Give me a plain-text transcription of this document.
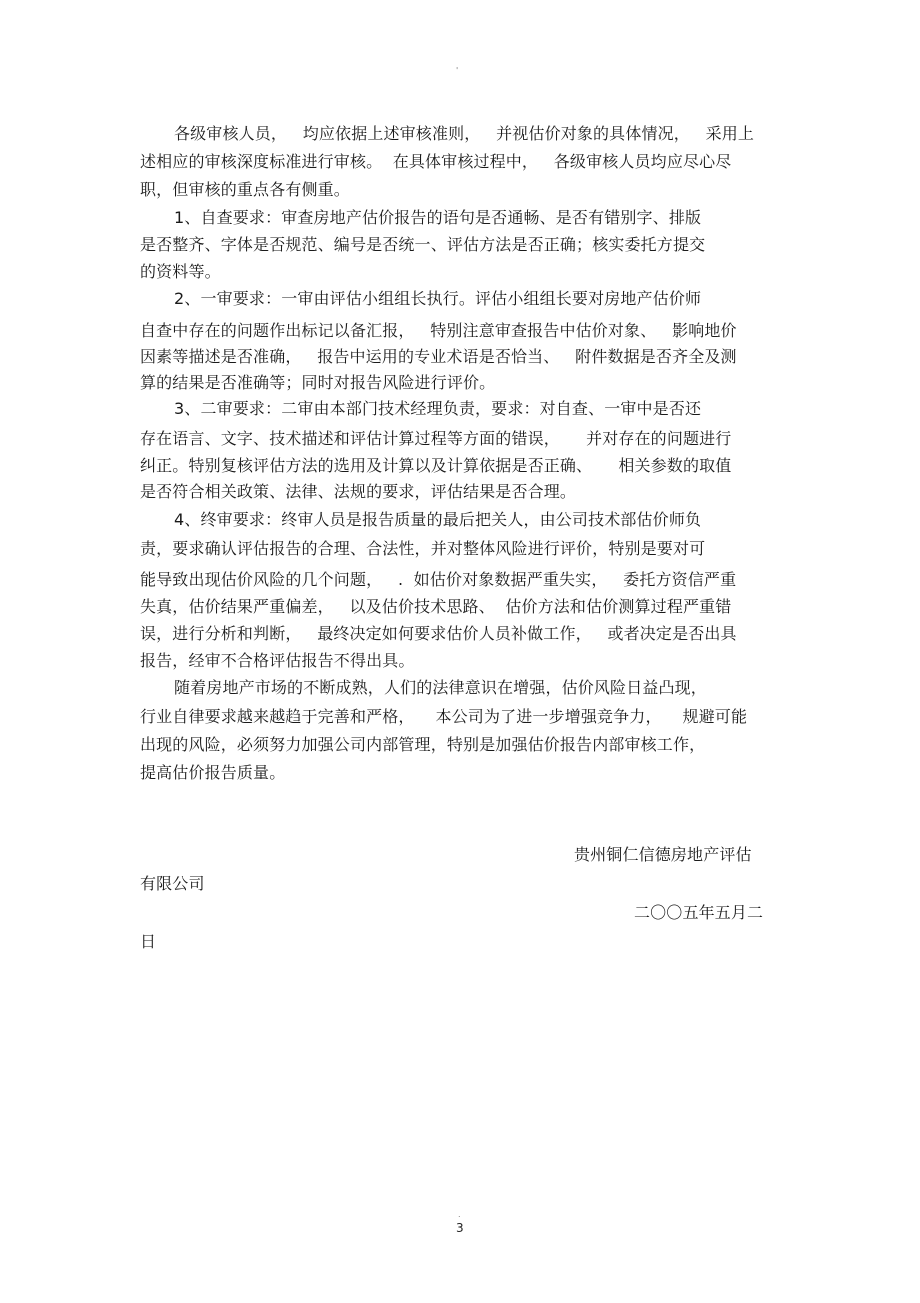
'
各级审核人员，   均应依据上述审核准则，   并视估价对象的具体情况，   采用上
述相应的审核深度标准进行审核。  在具体审核过程中，   各级审核人员均应尽心尽
职，但审核的重点各有侧重。
1、自查要求：审查房地产估价报告的语句是否通畅、是否有错别字、排版
是否整齐、字体是否规范、编号是否统一、评估方法是否正确；核实委托方提交
的资料等。
2、一审要求：一审由评估小组组长执行。评估小组组长要对房地产估价师
自查中存在的问题作出标记以备汇报，   特别注意审查报告中估价对象、   影响地价
因素等描述是否准确，   报告中运用的专业术语是否恰当、   附件数据是否齐全及测
算的结果是否准确等；同时对报告风险进行评价。
3、二审要求：二审由本部门技术经理负责，要求：对自查、一审中是否还
存在语言、文字、技术描述和评估计算过程等方面的错误，     并对存在的问题进行
纠正。特别复核评估方法的选用及计算以及计算依据是否正确、     相关参数的取值
是否符合相关政策、法律、法规的要求，评估结果是否合理。
4、终审要求：终审人员是报告质量的最后把关人，由公司技术部估价师负
责，要求确认评估报告的合理、合法性，并对整体风险进行评价，特别是要对可
能导致出现估价风险的几个问题，   .  如估价对象数据严重失实，   委托方资信严重
失真，估价结果严重偏差，   以及估价技术思路、  估价方法和估价测算过程严重错
误，进行分析和判断，   最终决定如何要求估价人员补做工作，   或者决定是否出具
报告，经审不合格评估报告不得出具。
随着房地产市场的不断成熟，人们的法律意识在增强，估价风险日益凸现，
行业自律要求越来越趋于完善和严格，    本公司为了进一步增强竞争力，    规避可能
出现的风险，必须努力加强公司内部管理，特别是加强估价报告内部审核工作，
提高估价报告质量。
贵州铜仁信德房地产评估
有限公司
二〇〇五年五月二
日
.
3
